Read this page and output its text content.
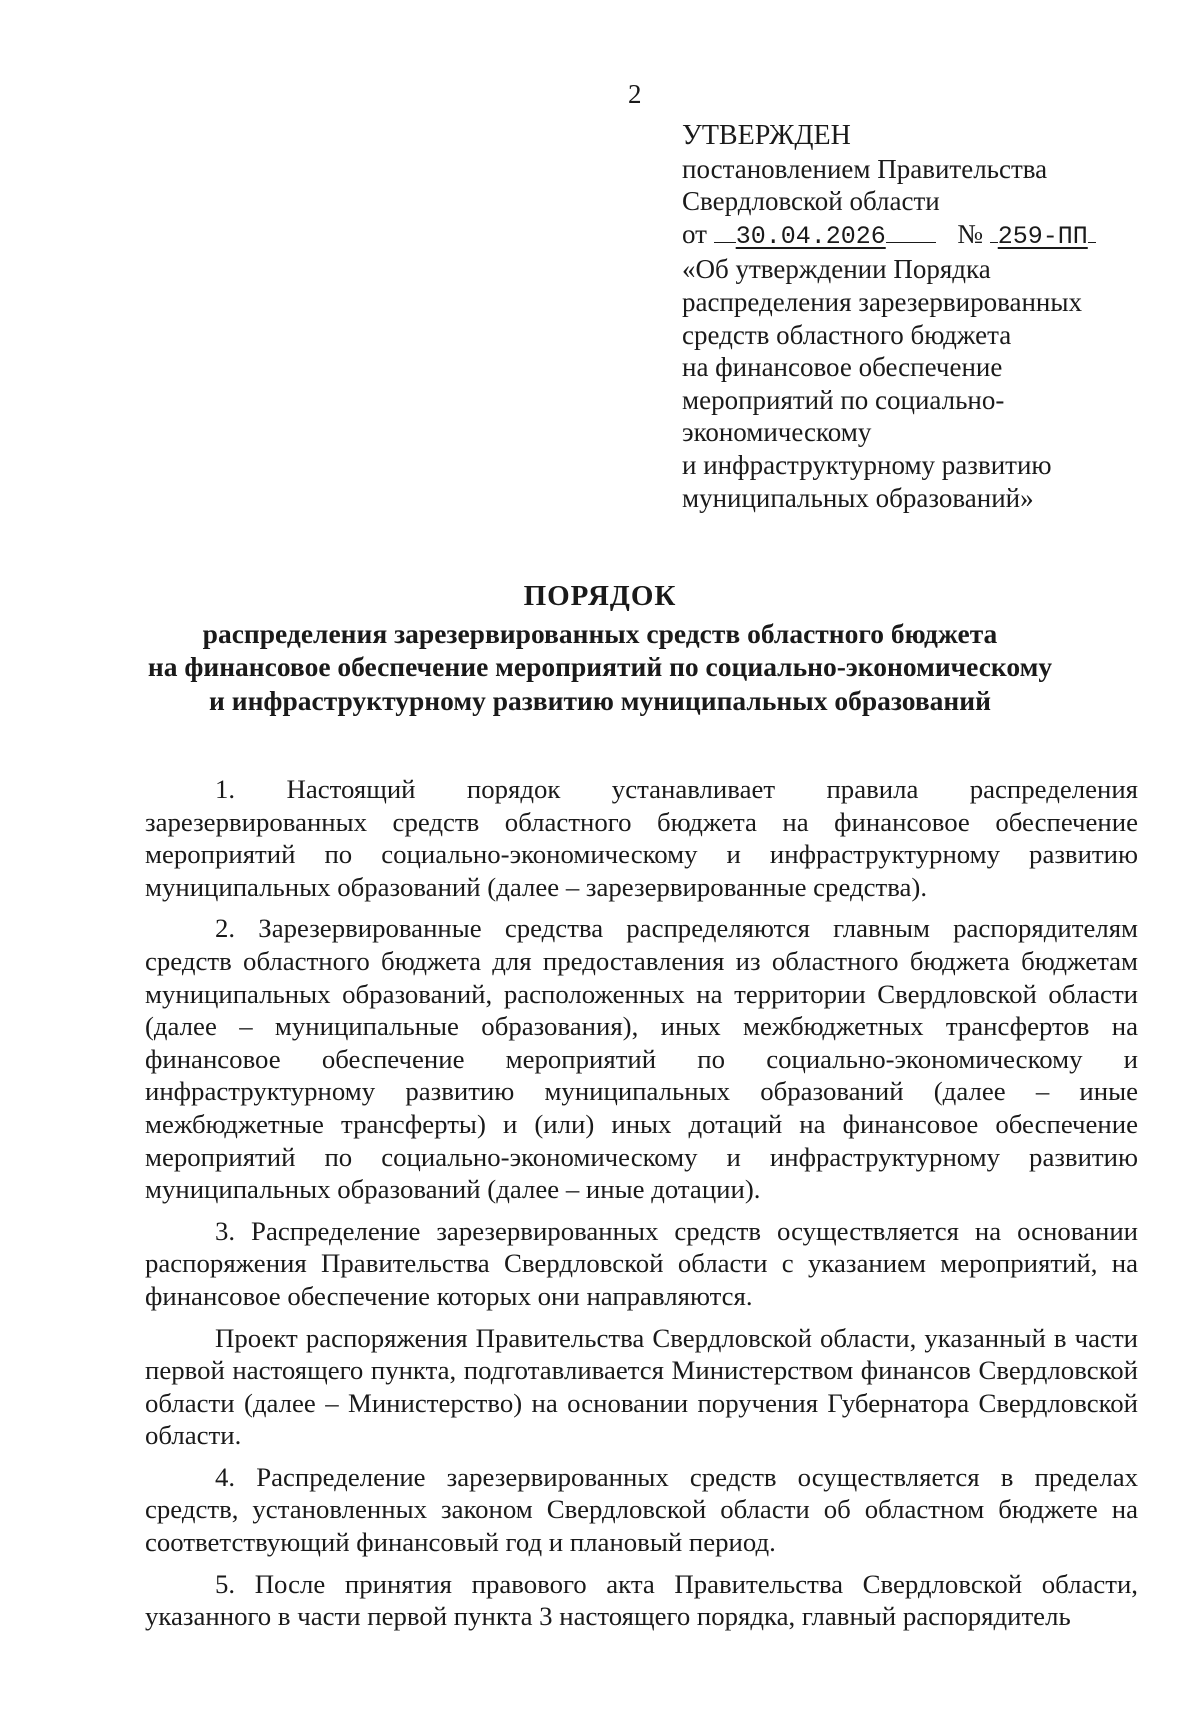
2
УТВЕРЖДЕН
постановлением Правительства
Свердловской области
от 30.04.2026	№ 259-ПП
«Об утверждении Порядка
распределения зарезервированных
средств областного бюджета
на финансовое обеспечение
мероприятий по социально-
экономическому
и инфраструктурному развитию
муниципальных образований»
ПОРЯДОК
распределения зарезервированных средств областного бюджета
на финансовое обеспечение мероприятий по социально-экономическому
и инфраструктурному развитию муниципальных образований

1. Настоящий порядок устанавливает правила распределения зарезервированных средств областного бюджета на финансовое обеспечение мероприятий по социально-экономическому и инфраструктурному развитию муниципальных образований (далее – зарезервированные средства).

2. Зарезервированные средства распределяются главным распорядителям средств областного бюджета для предоставления из областного бюджета бюджетам муниципальных образований, расположенных на территории Свердловской области (далее – муниципальные образования), иных межбюджетных трансфертов на финансовое обеспечение мероприятий по социально-экономическому и инфраструктурному развитию муниципальных образований (далее – иные межбюджетные трансферты) и (или) иных дотаций на финансовое обеспечение мероприятий по социально-экономическому и инфраструктурному развитию муниципальных образований (далее – иные дотации).

3. Распределение зарезервированных средств осуществляется на основании распоряжения Правительства Свердловской области с указанием мероприятий, на финансовое обеспечение которых они направляются.

Проект распоряжения Правительства Свердловской области, указанный в части первой настоящего пункта, подготавливается Министерством финансов Свердловской области (далее – Министерство) на основании поручения Губернатора Свердловской области.

4. Распределение зарезервированных средств осуществляется в пределах средств, установленных законом Свердловской области об областном бюджете на соответствующий финансовый год и плановый период.

5. После принятия правового акта Правительства Свердловской области, указанного в части первой пункта 3 настоящего порядка, главный распорядитель
